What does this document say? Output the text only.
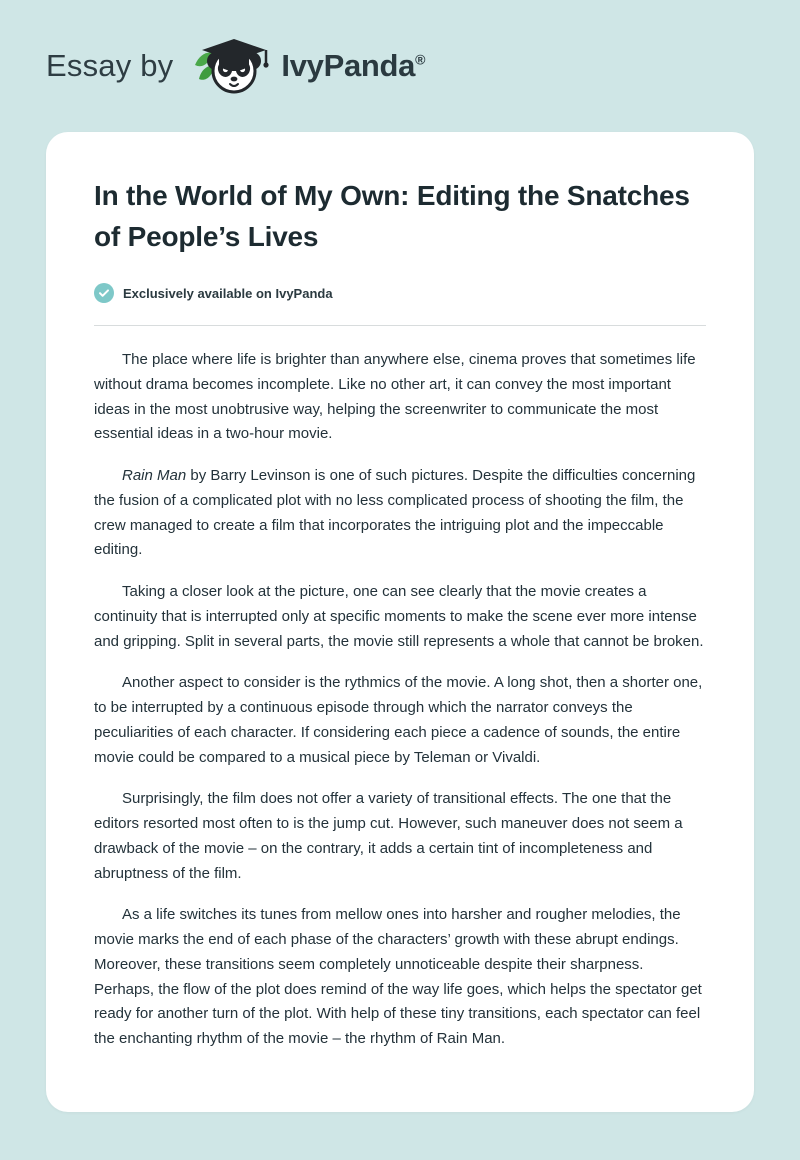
Essay by	IvyPanda®
In the World of My Own: Editing the Snatches of People’s Lives
Exclusively available on IvyPanda

The place where life is brighter than anywhere else, cinema proves that sometimes life without drama becomes incomplete. Like no other art, it can convey the most important ideas in the most unobtrusive way, helping the screenwriter to communicate the most essential ideas in a two-hour movie.

Rain Man by Barry Levinson is one of such pictures. Despite the difficulties concerning the fusion of a complicated plot with no less complicated process of shooting the film, the crew managed to create a film that incorporates the intriguing plot and the impeccable editing.

Taking a closer look at the picture, one can see clearly that the movie creates a continuity that is interrupted only at specific moments to make the scene ever more intense and gripping. Split in several parts, the movie still represents a whole that cannot be broken.

Another aspect to consider is the rythmics of the movie. A long shot, then a shorter one, to be interrupted by a continuous episode through which the narrator conveys the peculiarities of each character. If considering each piece a cadence of sounds, the entire movie could be compared to a musical piece by Teleman or Vivaldi.

Surprisingly, the film does not offer a variety of transitional effects. The one that the editors resorted most often to is the jump cut. However, such maneuver does not seem a drawback of the movie – on the contrary, it adds a certain tint of incompleteness and abruptness of the film.

As a life switches its tunes from mellow ones into harsher and rougher melodies, the movie marks the end of each phase of the characters’ growth with these abrupt endings. Moreover, these transitions seem completely unnoticeable despite their sharpness. Perhaps, the flow of the plot does remind of the way life goes, which helps the spectator get ready for another turn of the plot. With help of these tiny transitions, each spectator can feel the enchanting rhythm of the movie – the rhythm of Rain Man.
